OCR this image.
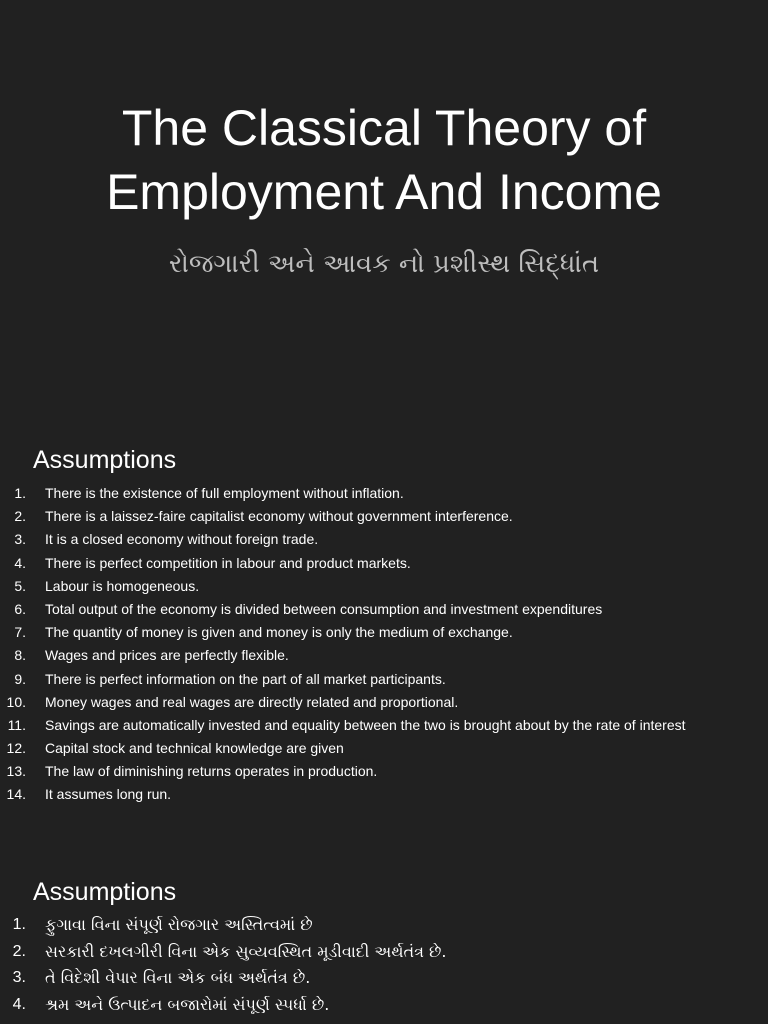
The Classical Theory of
Employment And Income

રોજગારી અને આવક નો પ્રશીસ્થ સિદ્ધાંત

Assumptions
1. There is the existence of full employment without inflation.
2. There is a laissez-faire capitalist economy without government interference.
3. It is a closed economy without foreign trade.
4. There is perfect competition in labour and product markets.
5. Labour is homogeneous.
6. Total output of the economy is divided between consumption and investment expenditures
7. The quantity of money is given and money is only the medium of exchange.
8. Wages and prices are perfectly flexible.
9. There is perfect information on the part of all market participants.
10. Money wages and real wages are directly related and proportional.
11. Savings are automatically invested and equality between the two is brought about by the rate of interest
12. Capital stock and technical knowledge are given
13. The law of diminishing returns operates in production.
14. It assumes long run.
Assumptions
1. ફુગાવા વિના સંપૂર્ણ રોજગાર અસ્તિત્વમાં છે
2. સરકારી દખલગીરી વિના એક સુવ્યવસ્થિત મૂડીવાદી અર્થતંત્ર છે.
3. તે વિદેશી વેપાર વિના એક બંધ અર્થતંત્ર છે.
4. શ્રમ અને ઉત્પાદન બજારોમાં સંપૂર્ણ સ્પર્ધા છે.
